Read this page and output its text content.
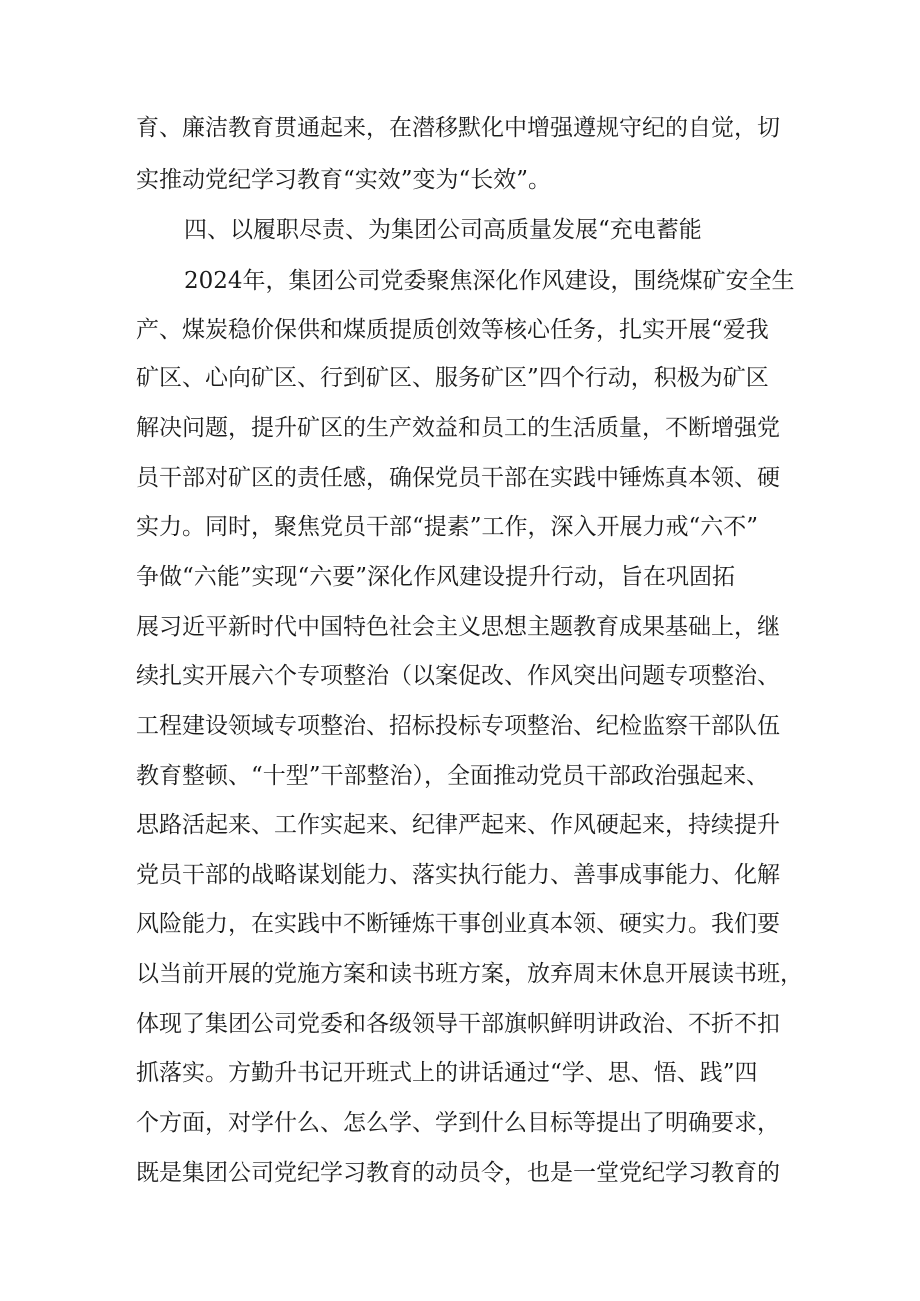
育、廉洁教育贯通起来，在潜移默化中增强遵规守纪的自觉，切
实推动党纪学习教育“实效”变为“长效”。
四、以履职尽责、为集团公司高质量发展“充电蓄能
2024年，集团公司党委聚焦深化作风建设，围绕煤矿安全生
产、煤炭稳价保供和煤质提质创效等核心任务，扎实开展“爱我
矿区、心向矿区、行到矿区、服务矿区”四个行动，积极为矿区
解决问题，提升矿区的生产效益和员工的生活质量，不断增强党
员干部对矿区的责任感，确保党员干部在实践中锤炼真本领、硬
实力。同时，聚焦党员干部“提素”工作，深入开展力戒“六不”
争做“六能”实现“六要”深化作风建设提升行动，旨在巩固拓
展习近平新时代中国特色社会主义思想主题教育成果基础上，继
续扎实开展六个专项整治（以案促改、作风突出问题专项整治、
工程建设领域专项整治、招标投标专项整治、纪检监察干部队伍
教育整顿、“十型”干部整治），全面推动党员干部政治强起来、
思路活起来、工作实起来、纪律严起来、作风硬起来，持续提升
党员干部的战略谋划能力、落实执行能力、善事成事能力、化解
风险能力，在实践中不断锤炼干事创业真本领、硬实力。我们要
以当前开展的党施方案和读书班方案，放弃周末休息开展读书班，
体现了集团公司党委和各级领导干部旗帜鲜明讲政治、不折不扣
抓落实。方勤升书记开班式上的讲话通过“学、思、悟、践”四
个方面，对学什么、怎么学、学到什么目标等提出了明确要求，
既是集团公司党纪学习教育的动员令，也是一堂党纪学习教育的
